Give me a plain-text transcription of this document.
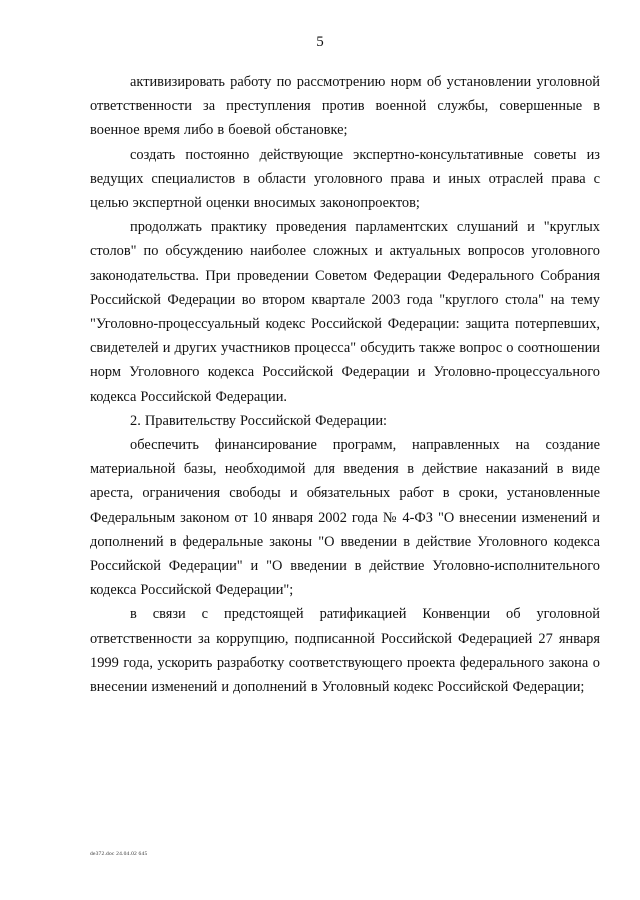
5

активизировать работу по рассмотрению норм об установлении уголовной ответственности за преступления против военной службы, совершенные в военное время либо в боевой обстановке;

создать постоянно действующие экспертно-консультативные советы из ведущих специалистов в области уголовного права и иных отраслей права с целью экспертной оценки вносимых законопроектов;

продолжать практику проведения парламентских слушаний и "круглых столов" по обсуждению наиболее сложных и актуальных вопросов уголовного законодательства. При проведении Советом Федерации Федерального Собрания Российской Федерации во втором квартале 2003 года "круглого стола" на тему "Уголовно-процессуальный кодекс Российской Федерации: защита потерпевших, свидетелей и других участников процесса" обсудить также вопрос о соотношении норм Уголовного кодекса Российской Федерации и Уголовно-процессуального кодекса Российской Федерации.

2. Правительству Российской Федерации:

обеспечить финансирование программ, направленных на создание материальной базы, необходимой для введения в действие наказаний в виде ареста, ограничения свободы и обязательных работ в сроки, установленные Федеральным законом от 10 января 2002 года № 4-ФЗ "О внесении изменений и дополнений в федеральные законы "О введении в действие Уголовного кодекса Российской Федерации" и "О введении в действие Уголовно-исполнительного кодекса Российской Федерации";

в связи с предстоящей ратификацией Конвенции об уголовной ответственности за коррупцию, подписанной Российской Федерацией 27 января 1999 года, ускорить разработку соответствующего проекта федерального закона о внесении изменений и дополнений в Уголовный кодекс Российской Федерации;

de372.doc 24.04.02 645
